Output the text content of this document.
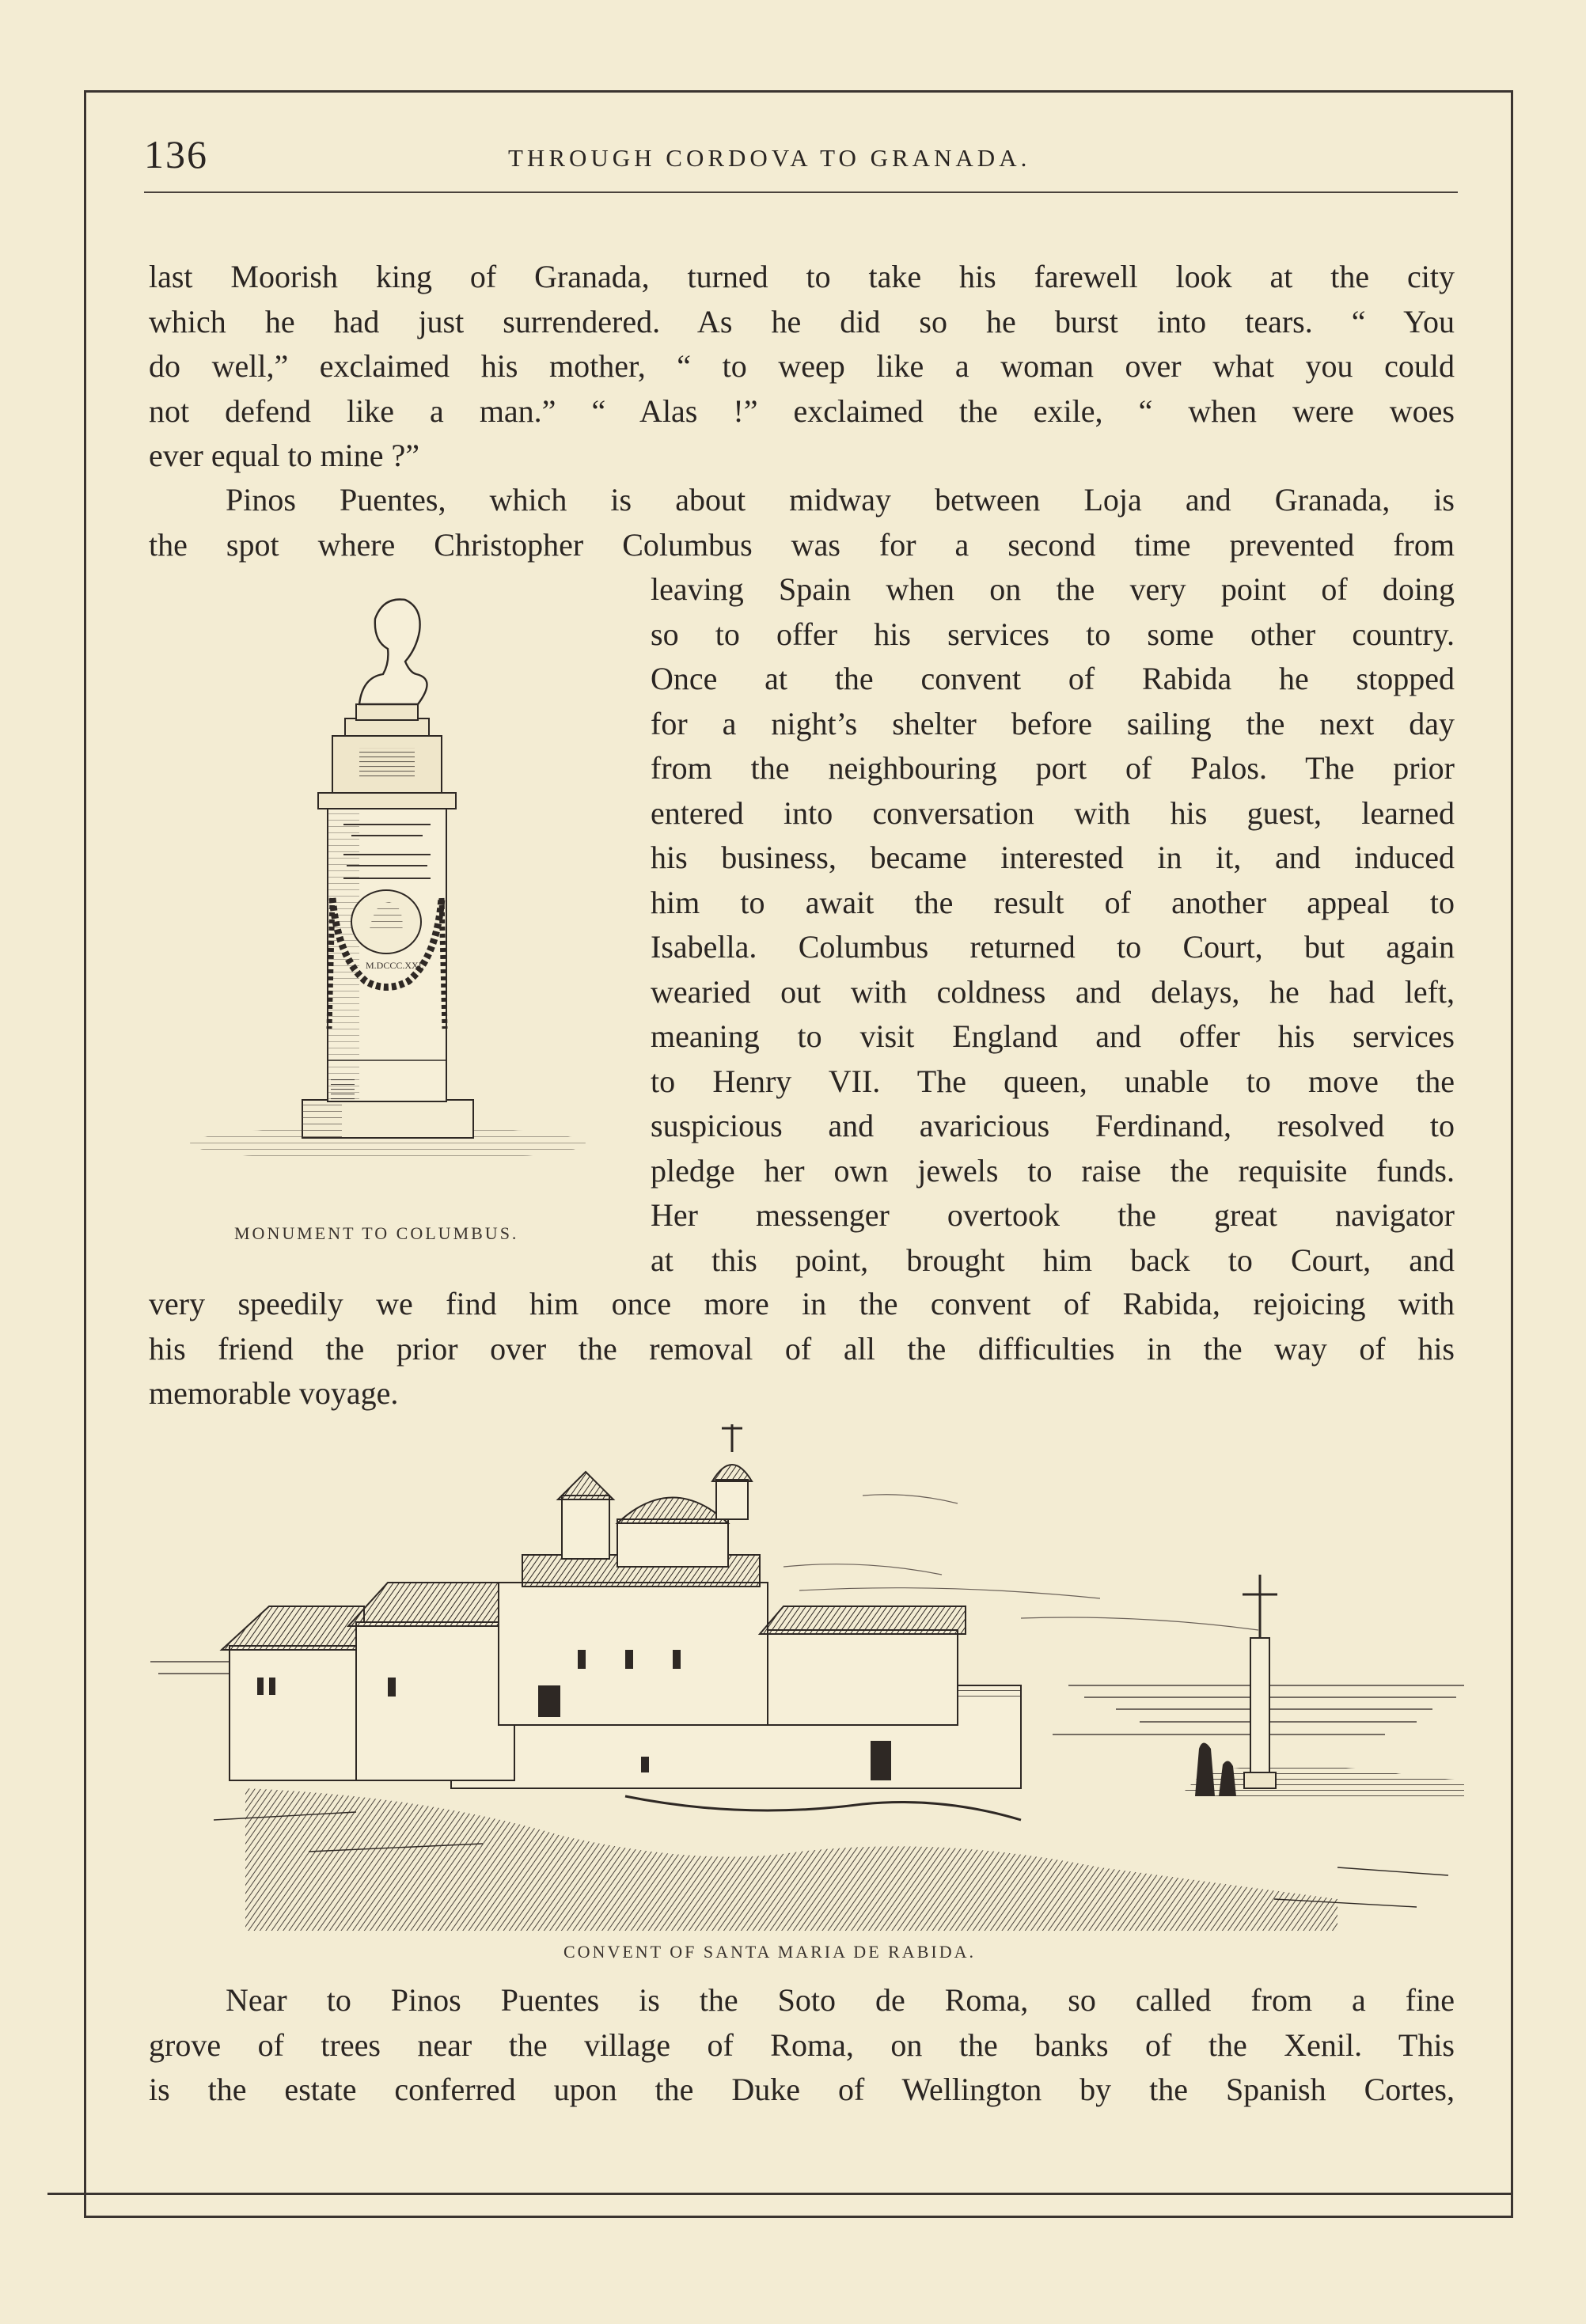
136	THROUGH CORDOVA TO GRANADA.
last Moorish king of Granada, turned to take his farewell look at the city
which he had just surrendered. As he did so he burst into tears. “ You
do well,” exclaimed his mother, “ to weep like a woman over what you could
not defend like a man.” “ Alas !” exclaimed the exile, “ when were woes
ever equal to mine ?”
Pinos Puentes, which is about midway between Loja and Granada, is
the spot where Christopher Columbus was for a second time prevented from
leaving Spain when on the very point of doing
so to offer his services to some other country.
Once at the convent of Rabida he stopped
for a night’s shelter before sailing the next day
from the neighbouring port of Palos. The prior
entered into conversation with his guest, learned
his business, became interested in it, and induced
him to await the result of another appeal to
Isabella. Columbus returned to Court, but again
wearied out with coldness and delays, he had left,
meaning to visit England and offer his services
to Henry VII. The queen, unable to move the
suspicious and avaricious Ferdinand, resolved to
pledge her own jewels to raise the requisite funds.
Her messenger overtook the great navigator
at this point, brought him back to Court, and
M.DCCC.XXI.
MONUMENT TO COLUMBUS.
very speedily we find him once more in the convent of Rabida, rejoicing with
his friend the prior over the removal of all the difficulties in the way of his
memorable voyage.
CONVENT OF SANTA MARIA DE RABIDA.
Near to Pinos Puentes is the Soto de Roma, so called from a fine
grove of trees near the village of Roma, on the banks of the Xenil. This
is the estate conferred upon the Duke of Wellington by the Spanish Cortes,
